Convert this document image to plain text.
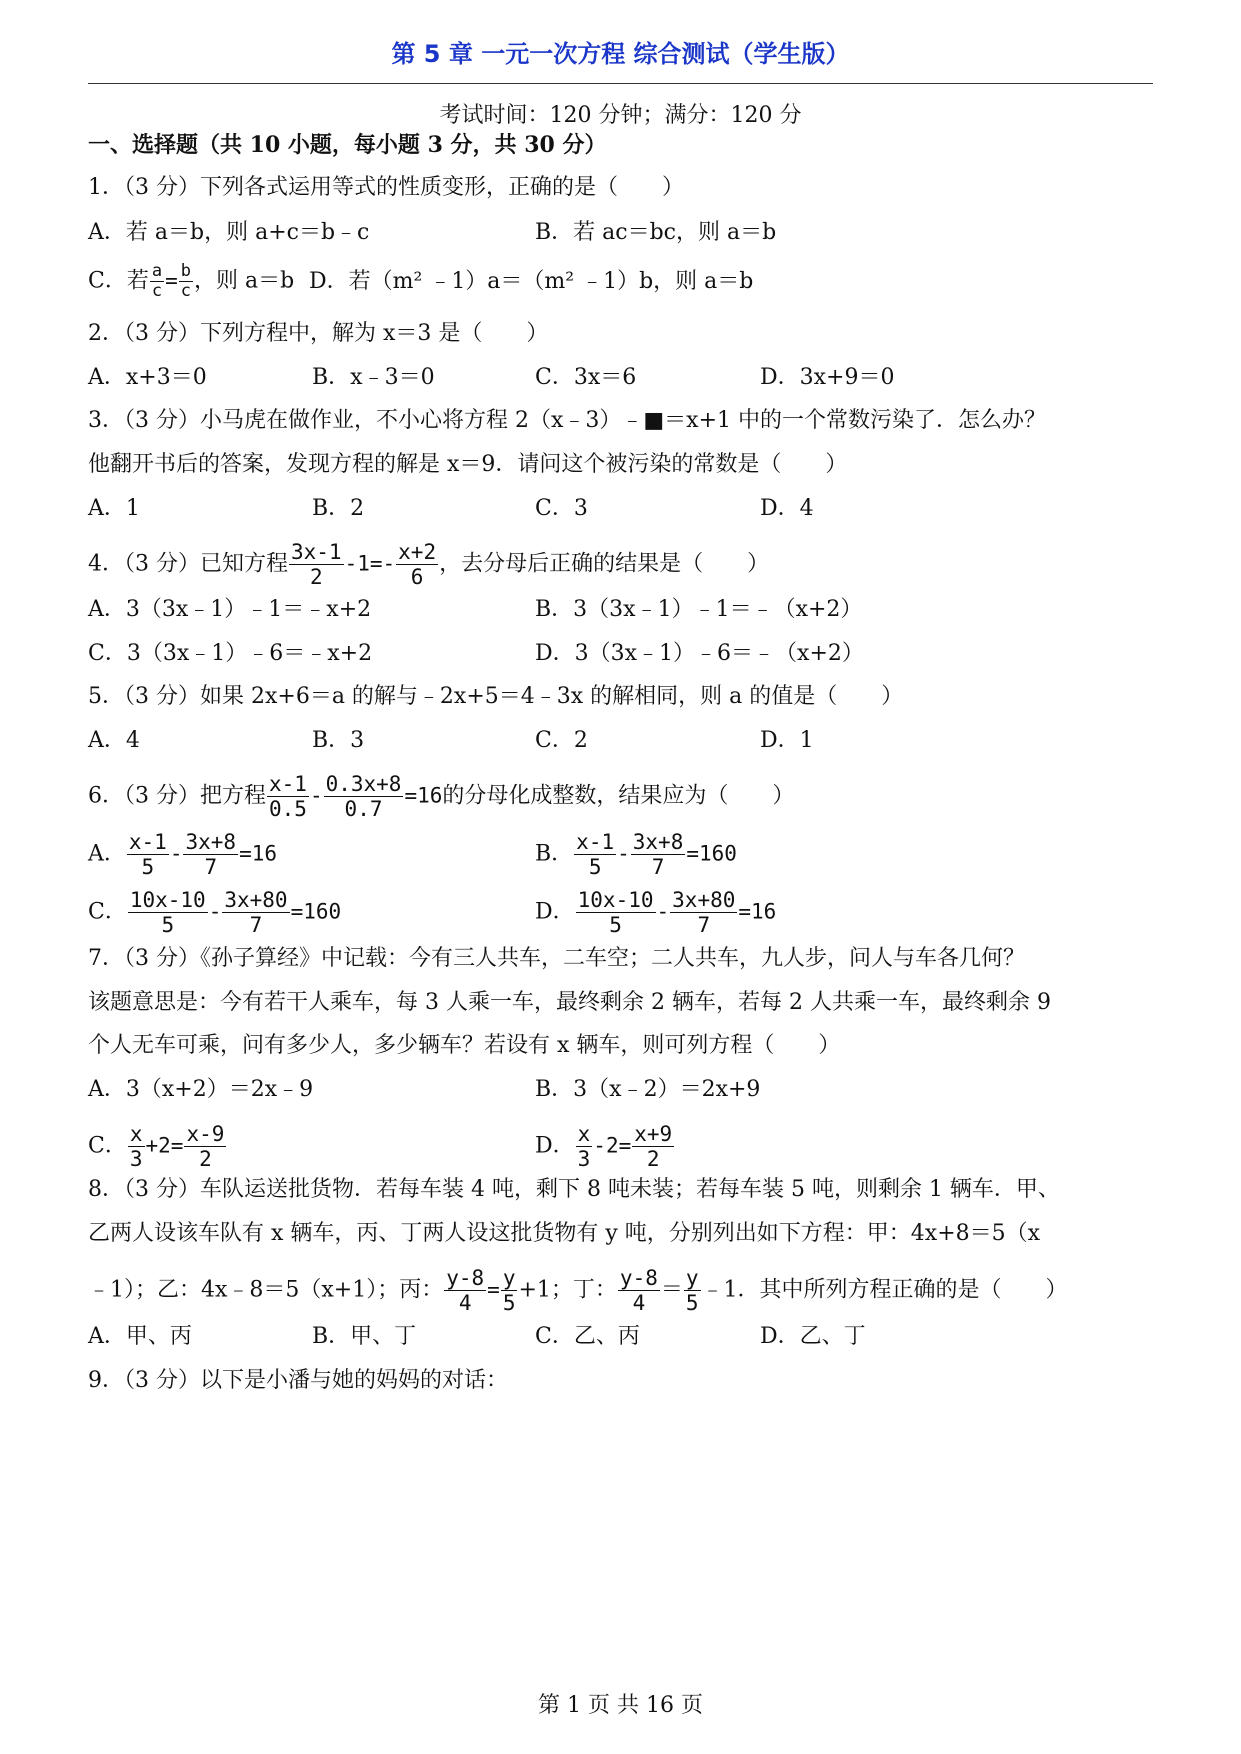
第 5 章 一元一次方程 综合测试（学生版）
考试时间：120 分钟；满分：120 分
一、选择题（共 10 小题，每小题 3 分，共 30 分）
1．（3 分）下列各式运用等式的性质变形，正确的是（　　）
A．若 a＝b，则 a+c＝b﹣c	B．若 ac＝bc，则 a＝b
C．若 $\frac{a}{c} = \frac{b}{c}$ ，则 a＝b D．若（m² ﹣1）a＝（m² ﹣1）b，则 a＝b
2．（3 分）下列方程中，解为 x＝3 是（　　）
A．x+3＝0	B．x﹣3＝0	C．3x＝6	D．3x+9＝0
3．（3 分）小马虎在做作业，不小心将方程 2（x﹣3）﹣■＝x+1 中的一个常数污染了．怎么办？
他翻开书后的答案，发现方程的解是 x＝9．请问这个被污染的常数是（　　）
A．1	B．2	C．3	D．4
4．（3 分）已知方程 $\frac{3x-1}{2} -1=- \frac{x+2}{6}$ ，去分母后正确的结果是（　　）
A．3（3x﹣1）﹣1＝﹣x+2	B．3（3x﹣1）﹣1＝﹣（x+2）
C．3（3x﹣1）﹣6＝﹣x+2	D．3（3x﹣1）﹣6＝﹣（x+2）
5．（3 分）如果 2x+6＝a 的解与﹣2x+5＝4﹣3x 的解相同，则 a 的值是（　　）
A．4	B．3	C．2	D．1
6．（3 分）把方程 $\frac{x-1}{0.5} - \frac{0.3x+8}{0.7} =16$的分母化成整数，结果应为（　　）
A． $\frac{x-1}{5} - \frac{3x+8}{7} =16$	B． $\frac{x-1}{5} - \frac{3x+8}{7} =160$
C． $\frac{10x-10}{5} - \frac{3x+80}{7} =160$	D． $\frac{10x-10}{5} - \frac{3x+80}{7} =16$
7．（3 分）《孙子算经》中记载：今有三人共车，二车空；二人共车，九人步，问人与车各几何？
该题意思是：今有若干人乘车，每 3 人乘一车，最终剩余 2 辆车，若每 2 人共乘一车，最终剩余 9
个人无车可乘，问有多少人，多少辆车？若设有 x 辆车，则可列方程（　　）
A．3（x+2）＝2x﹣9	B．3（x﹣2）＝2x+9
C． $\frac{x}{3} +2= \frac{x-9}{2}$	D． $\frac{x}{3} -2= \frac{x+9}{2}$
8．（3 分）车队运送批货物．若每车装 4 吨，剩下 8 吨未装；若每车装 5 吨，则剩余 1 辆车．甲、
乙两人设该车队有 x 辆车，丙、丁两人设这批货物有 y 吨，分别列出如下方程：甲：4x+8＝5（x
﹣1）；乙：4x﹣8＝5（x+1）；丙： $\frac{y-8}{4} = \frac{y}{5} +1$；丁： $\frac{y-8}{4} = \frac{y}{5}$ ﹣1．其中所列方程正确的是（　　）
A．甲、丙	B．甲、丁	C．乙、丙	D．乙、丁
9．（3 分）以下是小潘与她的妈妈的对话：
第 1 页 共 16 页
